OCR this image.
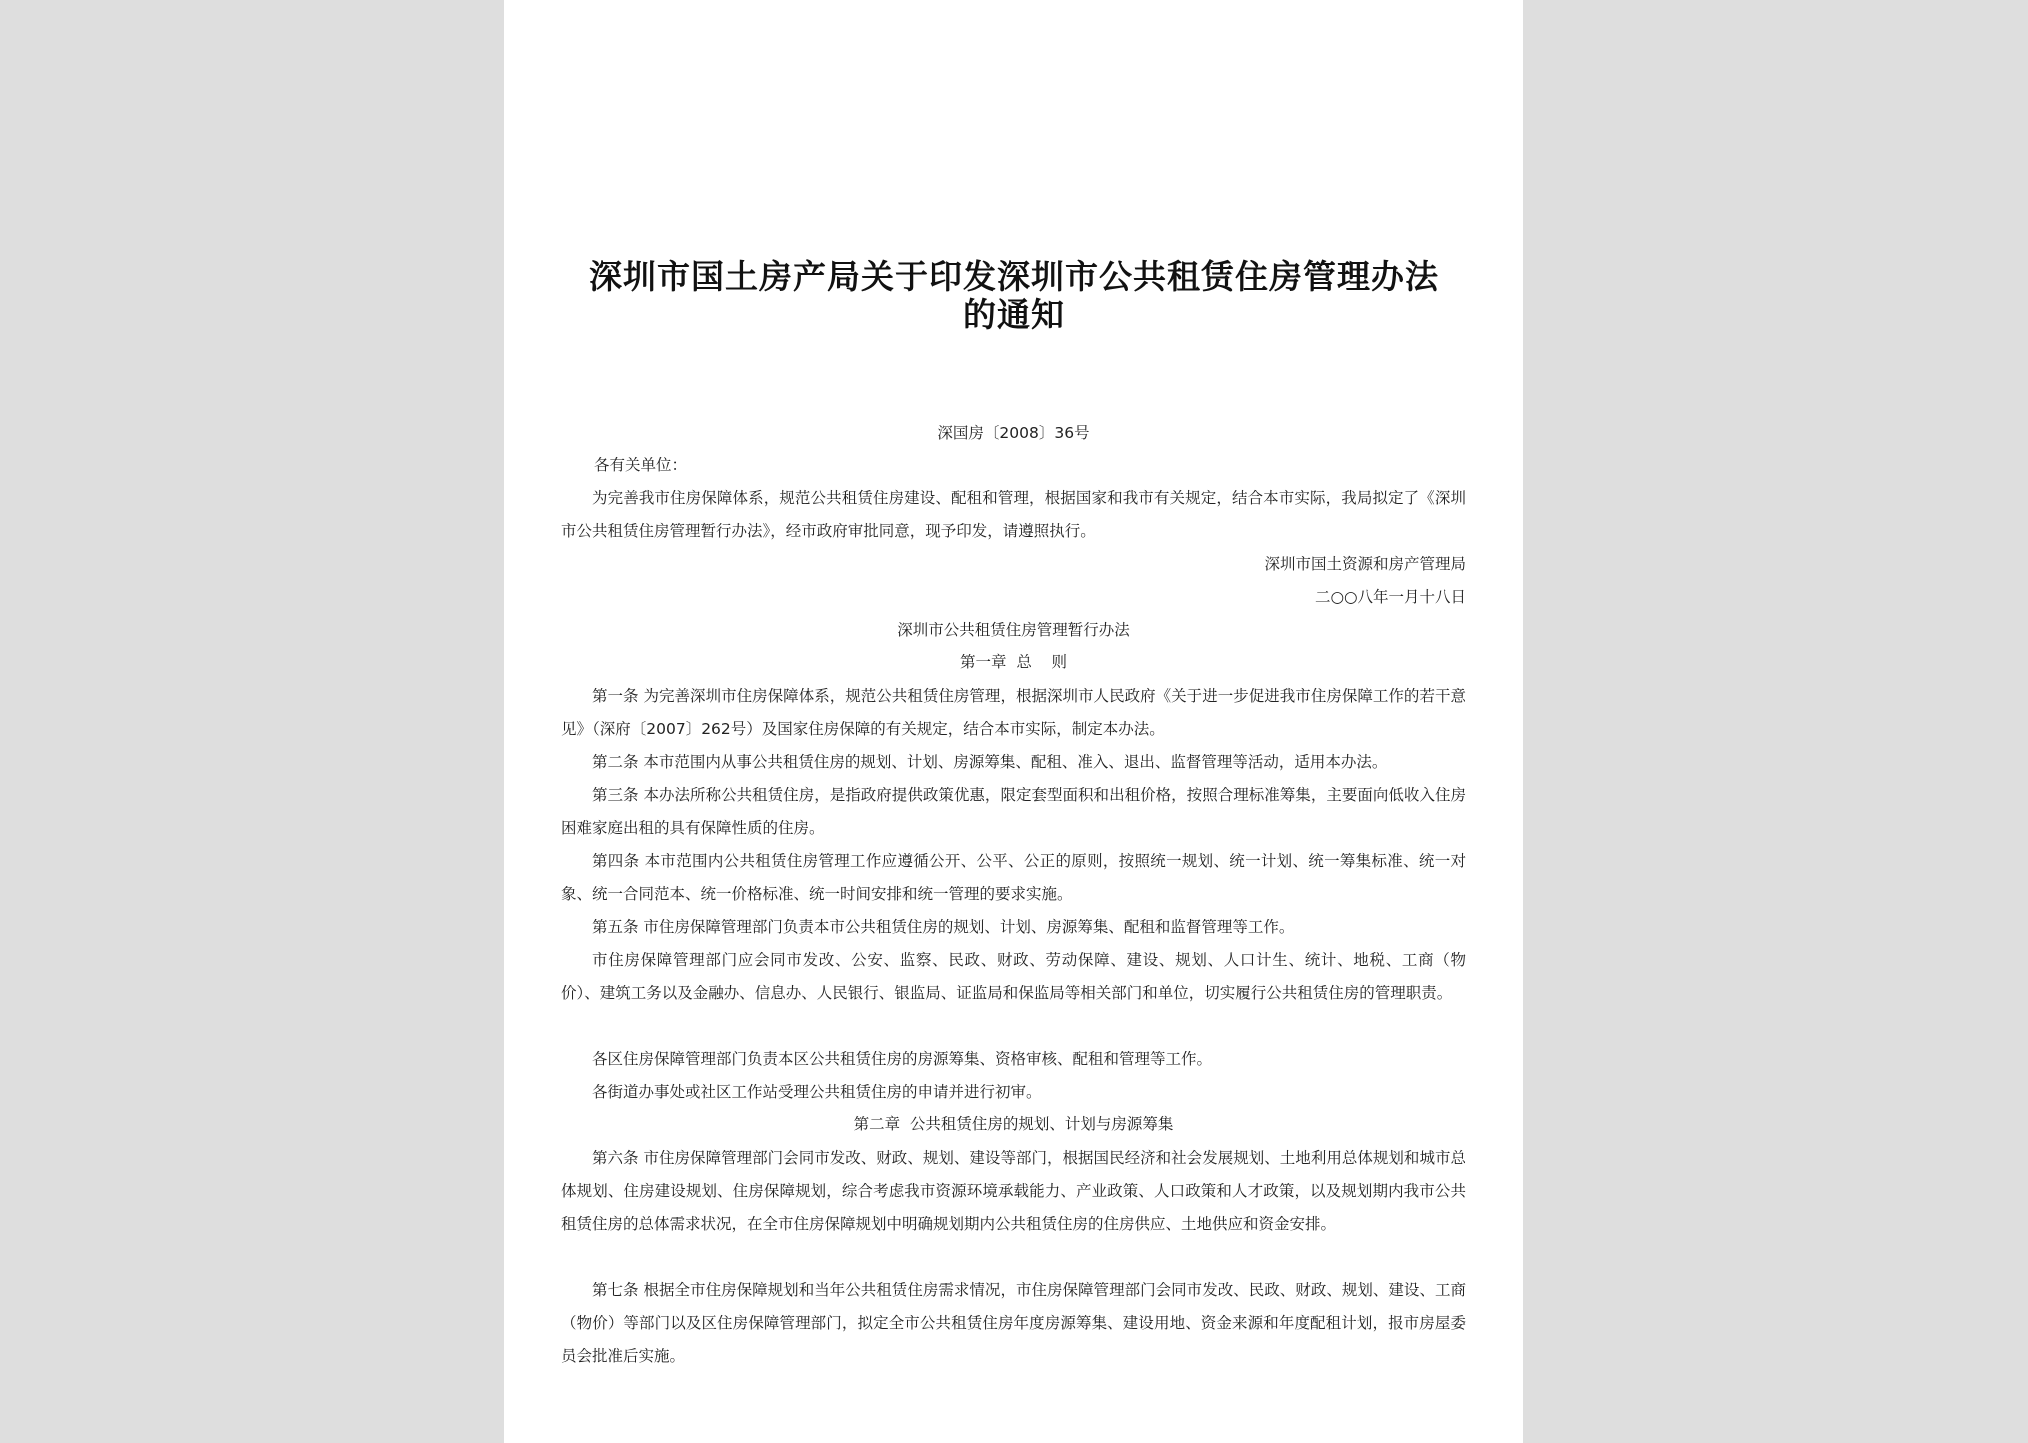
深圳市国土房产局关于印发深圳市公共租赁住房管理办法的通知
深国房〔2008〕36号
各有关单位：
为完善我市住房保障体系，规范公共租赁住房建设、配租和管理，根据国家和我市有关规定，结合本市实际，我局拟定了《深圳市公共租赁住房管理暂行办法》，经市政府审批同意，现予印发，请遵照执行。
深圳市国土资源和房产管理局
二○○八年一月十八日
深圳市公共租赁住房管理暂行办法
第一章  总    则
第一条 为完善深圳市住房保障体系，规范公共租赁住房管理，根据深圳市人民政府《关于进一步促进我市住房保障工作的若干意见》（深府〔2007〕262号）及国家住房保障的有关规定，结合本市实际，制定本办法。
第二条 本市范围内从事公共租赁住房的规划、计划、房源筹集、配租、准入、退出、监督管理等活动，适用本办法。
第三条 本办法所称公共租赁住房，是指政府提供政策优惠，限定套型面积和出租价格，按照合理标准筹集，主要面向低收入住房困难家庭出租的具有保障性质的住房。
第四条 本市范围内公共租赁住房管理工作应遵循公开、公平、公正的原则，按照统一规划、统一计划、统一筹集标准、统一对象、统一合同范本、统一价格标准、统一时间安排和统一管理的要求实施。
第五条 市住房保障管理部门负责本市公共租赁住房的规划、计划、房源筹集、配租和监督管理等工作。
市住房保障管理部门应会同市发改、公安、监察、民政、财政、劳动保障、建设、规划、人口计生、统计、地税、工商（物价）、建筑工务以及金融办、信息办、人民银行、银监局、证监局和保监局等相关部门和单位，切实履行公共租赁住房的管理职责。
各区住房保障管理部门负责本区公共租赁住房的房源筹集、资格审核、配租和管理等工作。
各街道办事处或社区工作站受理公共租赁住房的申请并进行初审。
第二章  公共租赁住房的规划、计划与房源筹集
第六条 市住房保障管理部门会同市发改、财政、规划、建设等部门，根据国民经济和社会发展规划、土地利用总体规划和城市总体规划、住房建设规划、住房保障规划，综合考虑我市资源环境承载能力、产业政策、人口政策和人才政策，以及规划期内我市公共租赁住房的总体需求状况，在全市住房保障规划中明确规划期内公共租赁住房的住房供应、土地供应和资金安排。
第七条 根据全市住房保障规划和当年公共租赁住房需求情况，市住房保障管理部门会同市发改、民政、财政、规划、建设、工商（物价）等部门以及区住房保障管理部门，拟定全市公共租赁住房年度房源筹集、建设用地、资金来源和年度配租计划，报市房屋委员会批准后实施。
